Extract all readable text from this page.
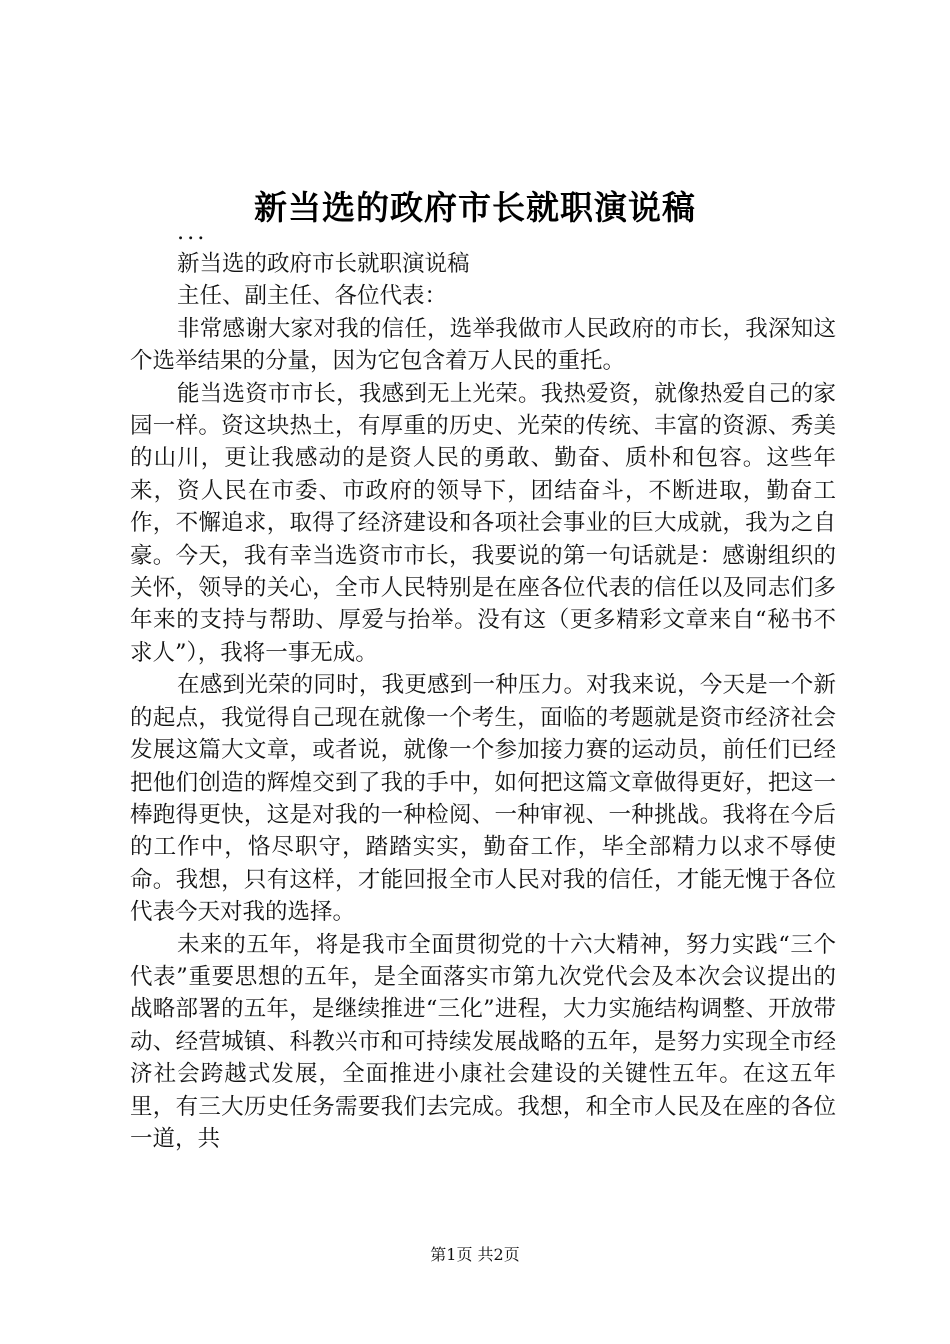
新当选的政府市长就职演说稿

...

新当选的政府市长就职演说稿

主任、副主任、各位代表：

非常感谢大家对我的信任，选举我做市人民政府的市长，我深知这个选举结果的分量，因为它包含着万人民的重托。

能当选资市市长，我感到无上光荣。我热爱资，就像热爱自己的家园一样。资这块热土，有厚重的历史、光荣的传统、丰富的资源、秀美的山川，更让我感动的是资人民的勇敢、勤奋、质朴和包容。这些年来，资人民在市委、市政府的领导下，团结奋斗，不断进取，勤奋工作，不懈追求，取得了经济建设和各项社会事业的巨大成就，我为之自豪。今天，我有幸当选资市市长，我要说的第一句话就是：感谢组织的关怀，领导的关心，全市人民特别是在座各位代表的信任以及同志们多年来的支持与帮助、厚爱与抬举。没有这（更多精彩文章来自“秘书不求人”），我将一事无成。

在感到光荣的同时，我更感到一种压力。对我来说，今天是一个新的起点，我觉得自己现在就像一个考生，面临的考题就是资市经济社会发展这篇大文章，或者说，就像一个参加接力赛的运动员，前任们已经把他们创造的辉煌交到了我的手中，如何把这篇文章做得更好，把这一棒跑得更快，这是对我的一种检阅、一种审视、一种挑战。我将在今后的工作中，恪尽职守，踏踏实实，勤奋工作，毕全部精力以求不辱使命。我想，只有这样，才能回报全市人民对我的信任，才能无愧于各位代表今天对我的选择。

未来的五年，将是我市全面贯彻党的十六大精神，努力实践“三个代表”重要思想的五年，是全面落实市第九次党代会及本次会议提出的战略部署的五年，是继续推进“三化”进程，大力实施结构调整、开放带动、经营城镇、科教兴市和可持续发展战略的五年，是努力实现全市经济社会跨越式发展，全面推进小康社会建设的关键性五年。在这五年里，有三大历史任务需要我们去完成。我想，和全市人民及在座的各位一道，共

第1页 共2页
